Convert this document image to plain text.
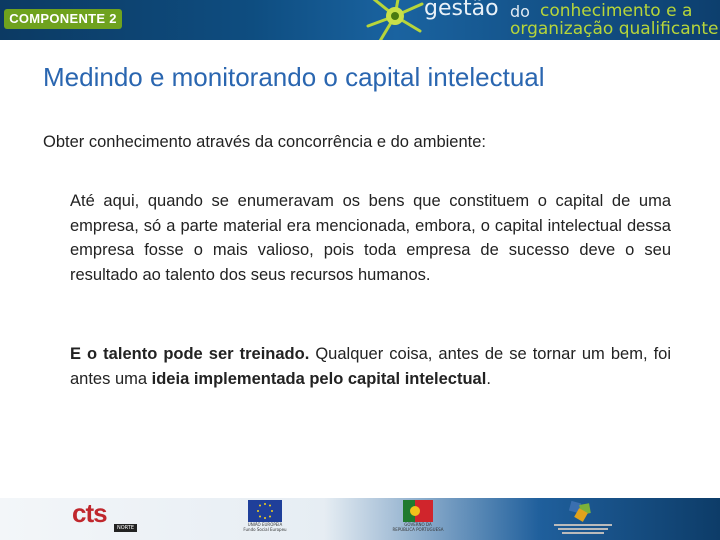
COMPONENTE 2	gestão do conhecimento e a
organização qualificante
Medindo e monitorando o capital intelectual
Obter conhecimento através da concorrência e do ambiente:

Até aqui, quando se enumeravam os bens que constituem o capital de uma empresa, só a parte material era mencionada, embora, o capital intelectual dessa empresa fosse o mais valioso, pois toda empresa de sucesso deve o seu resultado ao talento dos seus recursos humanos.

E o talento pode ser treinado. Qualquer coisa, antes de se tornar um bem, foi antes uma ideia implementada pelo capital intelectual.

cts	NORTE
UNIÃO EUROPEIA
Fundo Social Europeu
GOVERNO DA
REPÚBLICA PORTUGUESA
41
